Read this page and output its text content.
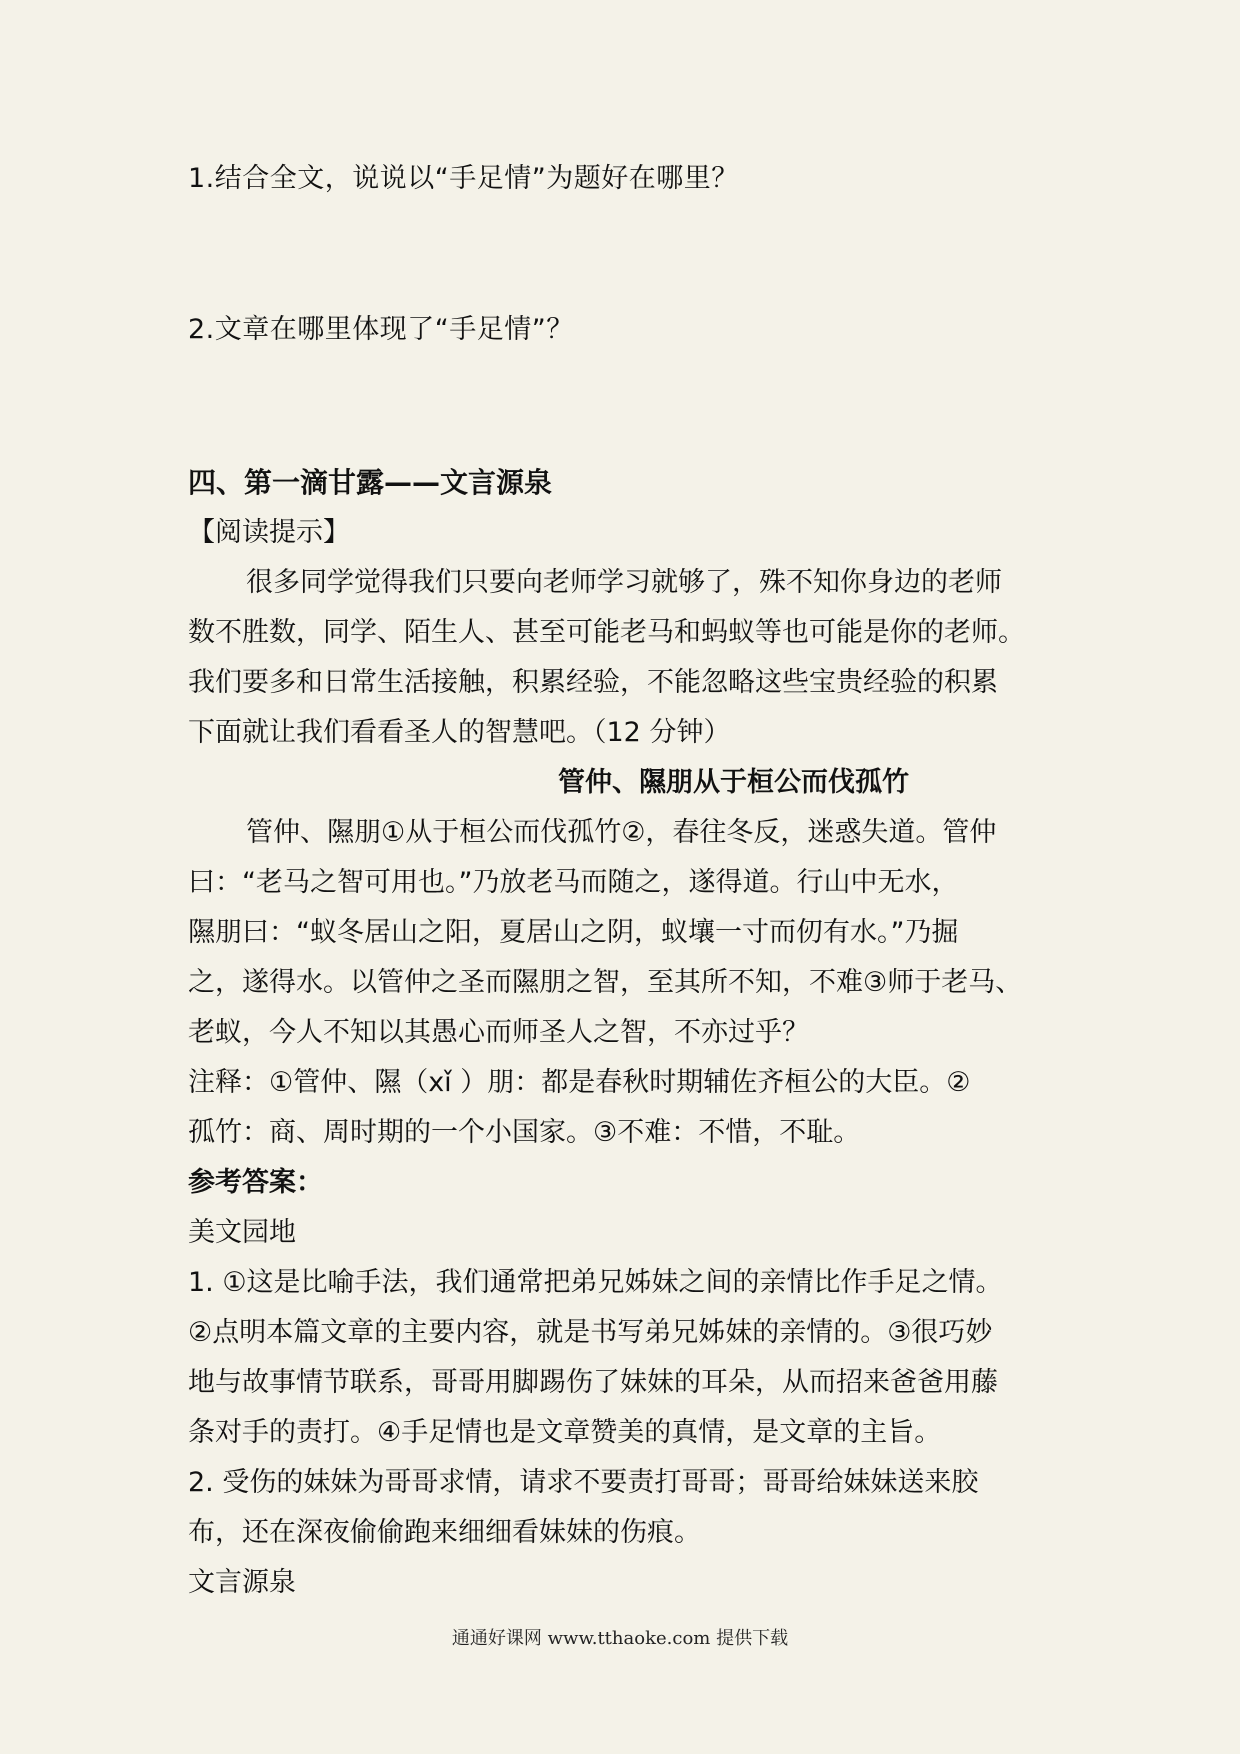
1.结合全文，说说以“手足情”为题好在哪里？
2.文章在哪里体现了“手足情”？

四、第一滴甘露——文言源泉

【阅读提示】

很多同学觉得我们只要向老师学习就够了，殊不知你身边的老师

数不胜数，同学、陌生人、甚至可能老马和蚂蚁等也可能是你的老师。

我们要多和日常生活接触，积累经验，不能忽略这些宝贵经验的积累

下面就让我们看看圣人的智慧吧。（12 分钟）

管仲、隰朋从于桓公而伐孤竹

管仲、隰朋①从于桓公而伐孤竹②，春往冬反，迷惑失道。管仲

曰：“老马之智可用也。”乃放老马而随之，遂得道。行山中无水，

隰朋曰：“蚁冬居山之阳，夏居山之阴，蚁壤一寸而仞有水。”乃掘

之，遂得水。以管仲之圣而隰朋之智，至其所不知，不难③师于老马、

老蚁，今人不知以其愚心而师圣人之智，不亦过乎？

注释：①管仲、隰（xǐ ）朋：都是春秋时期辅佐齐桓公的大臣。②

孤竹：商、周时期的一个小国家。③不难：不惜，不耻。

参考答案：

美文园地

1. ①这是比喻手法，我们通常把弟兄姊妹之间的亲情比作手足之情。

②点明本篇文章的主要内容，就是书写弟兄姊妹的亲情的。③很巧妙

地与故事情节联系，哥哥用脚踢伤了妹妹的耳朵，从而招来爸爸用藤

条对手的责打。④手足情也是文章赞美的真情，是文章的主旨。

2. 受伤的妹妹为哥哥求情，请求不要责打哥哥；哥哥给妹妹送来胶

布，还在深夜偷偷跑来细细看妹妹的伤痕。

文言源泉

通通好课网 www.tthaoke.com 提供下载
